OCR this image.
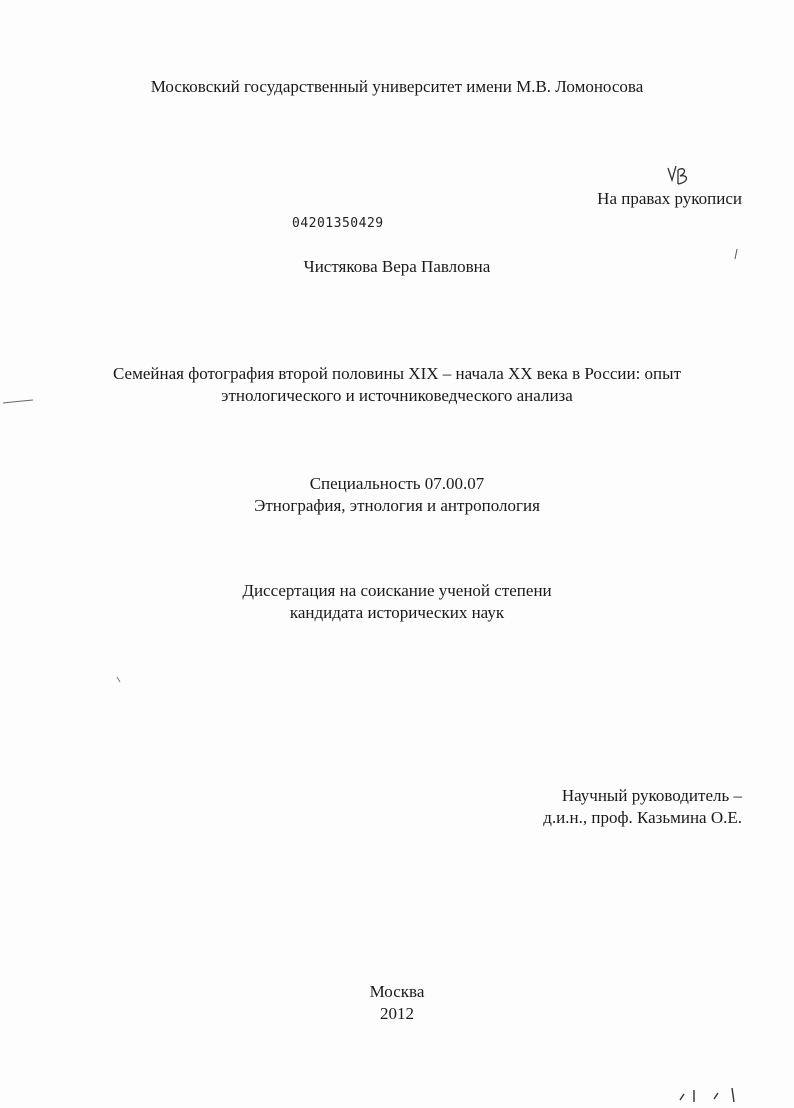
Московский государственный университет имени М.В. Ломоносова
На правах рукописи
04201350429
Чистякова Вера Павловна
Семейная фотография второй половины XIX – начала XX века в России: опыт
этнологического и источниковедческого анализа
Специальность 07.00.07
Этнография, этнология и антропология
Диссертация на соискание ученой степени
кандидата исторических наук
Научный руководитель –
д.и.н., проф. Казьмина О.Е.
Москва
2012
